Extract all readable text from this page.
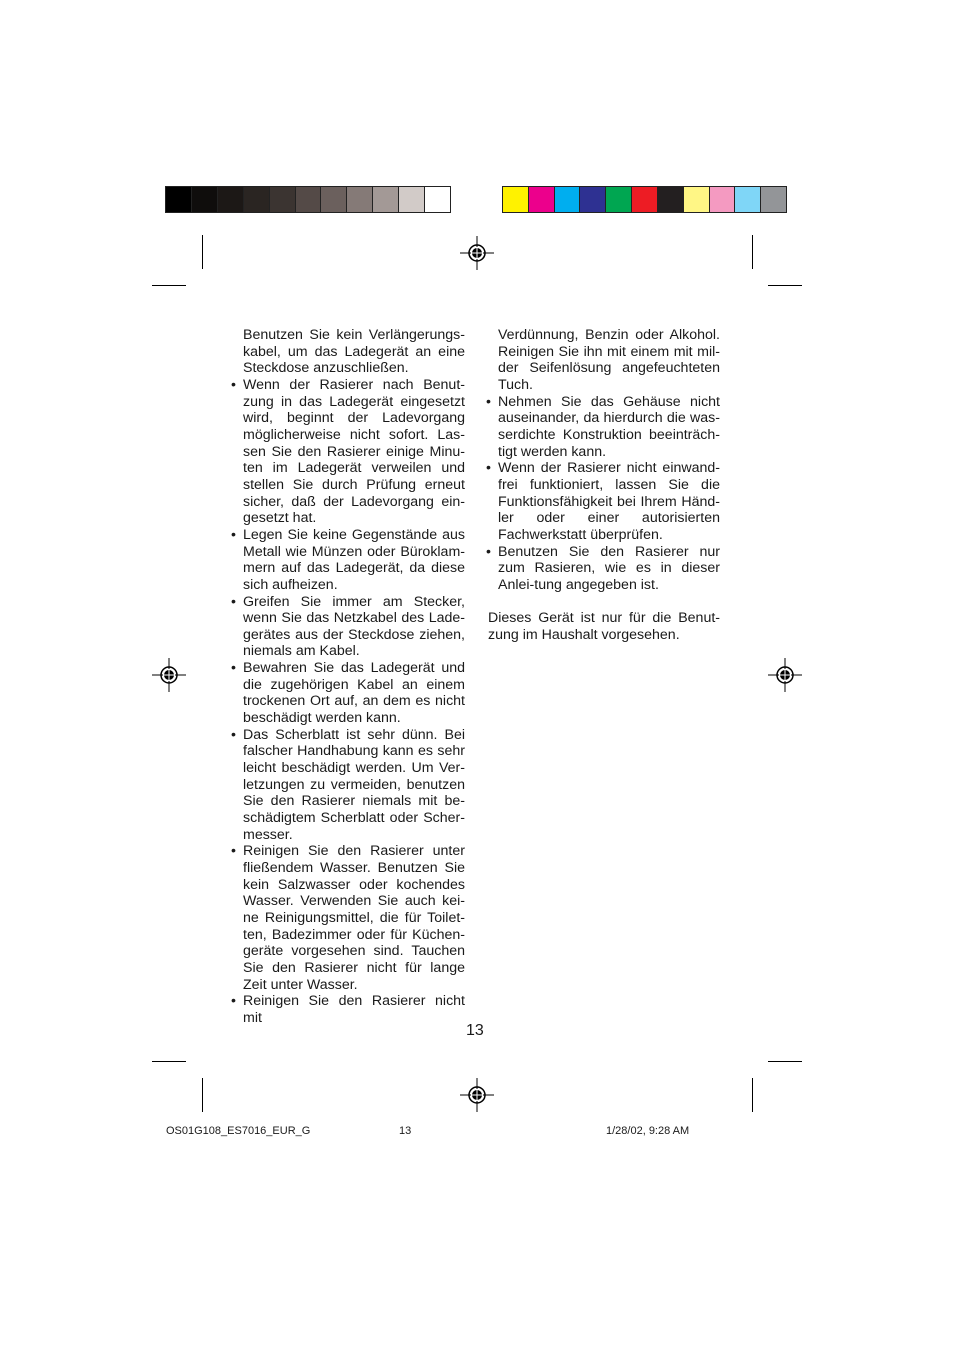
Benutzen Sie kein Verlängerungs-kabel, um das Ladegerät an eine Steckdose anzuschließen.

• Wenn der Rasierer nach Benut-zung in das Ladegerät eingesetzt wird, beginnt der Ladevorgang möglicherweise nicht sofort. Las-sen Sie den Rasierer einige Minu-ten im Ladegerät verweilen und stellen Sie durch Prüfung erneut sicher, daß der Ladevorgang ein-gesetzt hat.
• Legen Sie keine Gegenstände aus Metall wie Münzen oder Büroklam-mern auf das Ladegerät, da diese sich aufheizen.
• Greifen Sie immer am Stecker, wenn Sie das Netzkabel des Lade-gerätes aus der Steckdose ziehen, niemals am Kabel.
• Bewahren Sie das Ladegerät und die zugehörigen Kabel an einem trockenen Ort auf, an dem es nicht beschädigt werden kann.
• Das Scherblatt ist sehr dünn. Bei falscher Handhabung kann es sehr leicht beschädigt werden. Um Ver-letzungen zu vermeiden, benutzen Sie den Rasierer niemals mit be-schädigtem Scherblatt oder Scher-messer.
• Reinigen Sie den Rasierer unter fließendem Wasser. Benutzen Sie kein Salzwasser oder kochendes Wasser. Verwenden Sie auch kei-ne Reinigungsmittel, die für Toilet-ten, Badezimmer oder für Küchen-geräte vorgesehen sind. Tauchen Sie den Rasierer nicht für lange Zeit unter Wasser.
• Reinigen Sie den Rasierer nicht mit

Verdünnung, Benzin oder Alkohol. Reinigen Sie ihn mit einem mit mil-der Seifenlösung angefeuchteten Tuch.

• Nehmen Sie das Gehäuse nicht auseinander, da hierdurch die was-serdichte Konstruktion beeinträch-tigt werden kann.
• Wenn der Rasierer nicht einwand-frei funktioniert, lassen Sie die Funktionsfähigkeit bei Ihrem Händ-ler oder einer autorisierten Fachwerkstatt überprüfen.
• Benutzen Sie den Rasierer nur zum Rasieren, wie es in dieser Anlei-tung angegeben ist.

Dieses Gerät ist nur für die Benut-zung im Haushalt vorgesehen.

13
OS01G108_ES7016_EUR_G	13	1/28/02, 9:28 AM
